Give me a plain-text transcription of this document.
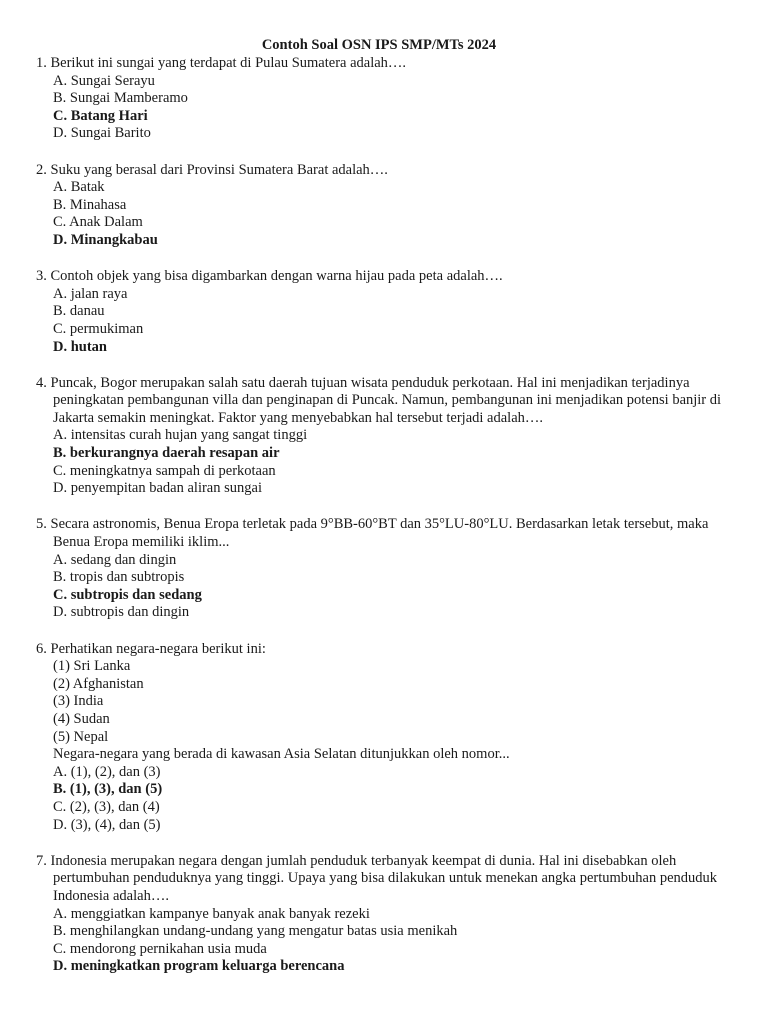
Contoh Soal OSN IPS SMP/MTs 2024
1. Berikut ini sungai yang terdapat di Pulau Sumatera adalah….
A. Sungai Serayu
B. Sungai Mamberamo
C. Batang Hari
D. Sungai Barito
2. Suku yang berasal dari Provinsi Sumatera Barat adalah….
A. Batak
B. Minahasa
C. Anak Dalam
D. Minangkabau
3. Contoh objek yang bisa digambarkan dengan warna hijau pada peta adalah….
A. jalan raya
B. danau
C. permukiman
D. hutan
4. Puncak, Bogor merupakan salah satu daerah tujuan wisata penduduk perkotaan. Hal ini menjadikan terjadinya peningkatan pembangunan villa dan penginapan di Puncak. Namun, pembangunan ini menjadikan potensi banjir di Jakarta semakin meningkat. Faktor yang menyebabkan hal tersebut terjadi adalah….
A. intensitas curah hujan yang sangat tinggi
B. berkurangnya daerah resapan air
C. meningkatnya sampah di perkotaan
D. penyempitan badan aliran sungai
5. Secara astronomis, Benua Eropa terletak pada 9°BB-60°BT dan 35°LU-80°LU. Berdasarkan letak tersebut, maka Benua Eropa memiliki iklim...
A. sedang dan dingin
B. tropis dan subtropis
C. subtropis dan sedang
D. subtropis dan dingin
6. Perhatikan negara-negara berikut ini:
(1) Sri Lanka
(2) Afghanistan
(3) India
(4) Sudan
(5) Nepal
Negara-negara yang berada di kawasan Asia Selatan ditunjukkan oleh nomor...
A. (1), (2), dan (3)
B. (1), (3), dan (5)
C. (2), (3), dan (4)
D. (3), (4), dan (5)
7. Indonesia merupakan negara dengan jumlah penduduk terbanyak keempat di dunia. Hal ini disebabkan oleh pertumbuhan penduduknya yang tinggi. Upaya yang bisa dilakukan untuk menekan angka pertumbuhan penduduk Indonesia adalah….
A. menggiatkan kampanye banyak anak banyak rezeki
B. menghilangkan undang-undang yang mengatur batas usia menikah
C. mendorong pernikahan usia muda
D. meningkatkan program keluarga berencana
